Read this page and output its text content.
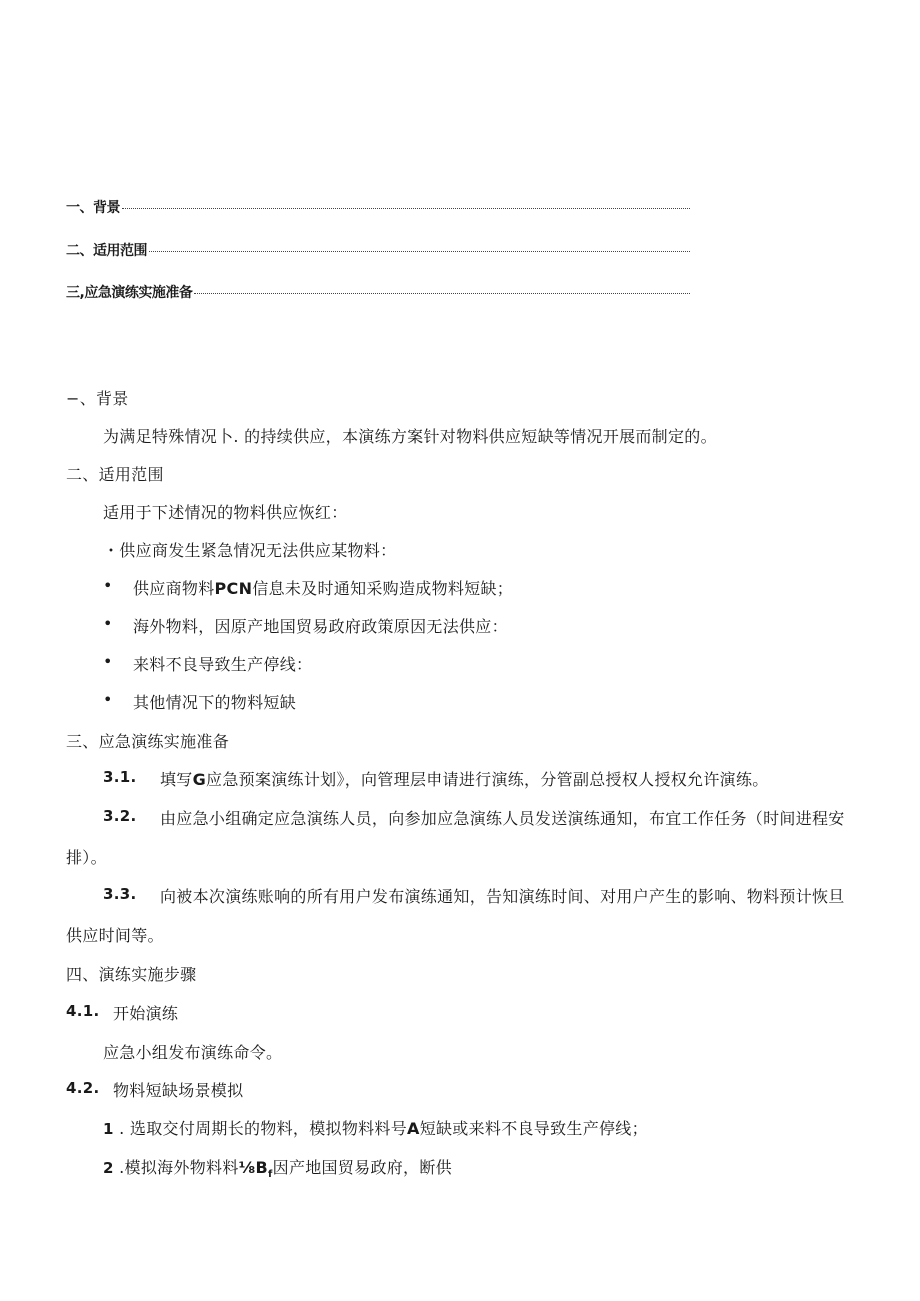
一、背景
二、适用范围
三,应急演练实施准备
−、背景
为满足特殊情况卜. 的持续供应，本演练方案针对物料供应短缺等情况开展而制定的。
二、适用范围
适用于下述情况的物料供应恢红：
・供应商发生紧急情况无法供应某物料：
• 供应商物料PCN信息未及时通知采购造成物料短缺；
• 海外物料，因原产地国贸易政府政策原因无法供应：
• 来料不良导致生产停线：
• 其他情况下的物料短缺
三、应急演练实施准备
3.1. 填写G应急预案演练计划》，向管理层申请进行演练，分管副总授权人授权允许演练。
3.2. 由应急小组确定应急演练人员，向参加应急演练人员发送演练通知，布宜工作任务（时间进程安
排）。
3.3. 向被本次演练账响的所有用户发布演练通知，告知演练时间、对用户产生的影响、物料预计恢旦
供应时间等。
四、演练实施步骤
4.1. 开始演练
应急小组发布演练命令。
4.2. 物料短缺场景模拟
1 . 选取交付周期长的物料，模拟物料料号A短缺或来料不良导致生产停线；
2 .模拟海外物料料$\frac{1}{8}B_f$因产地国贸易政府，断供
